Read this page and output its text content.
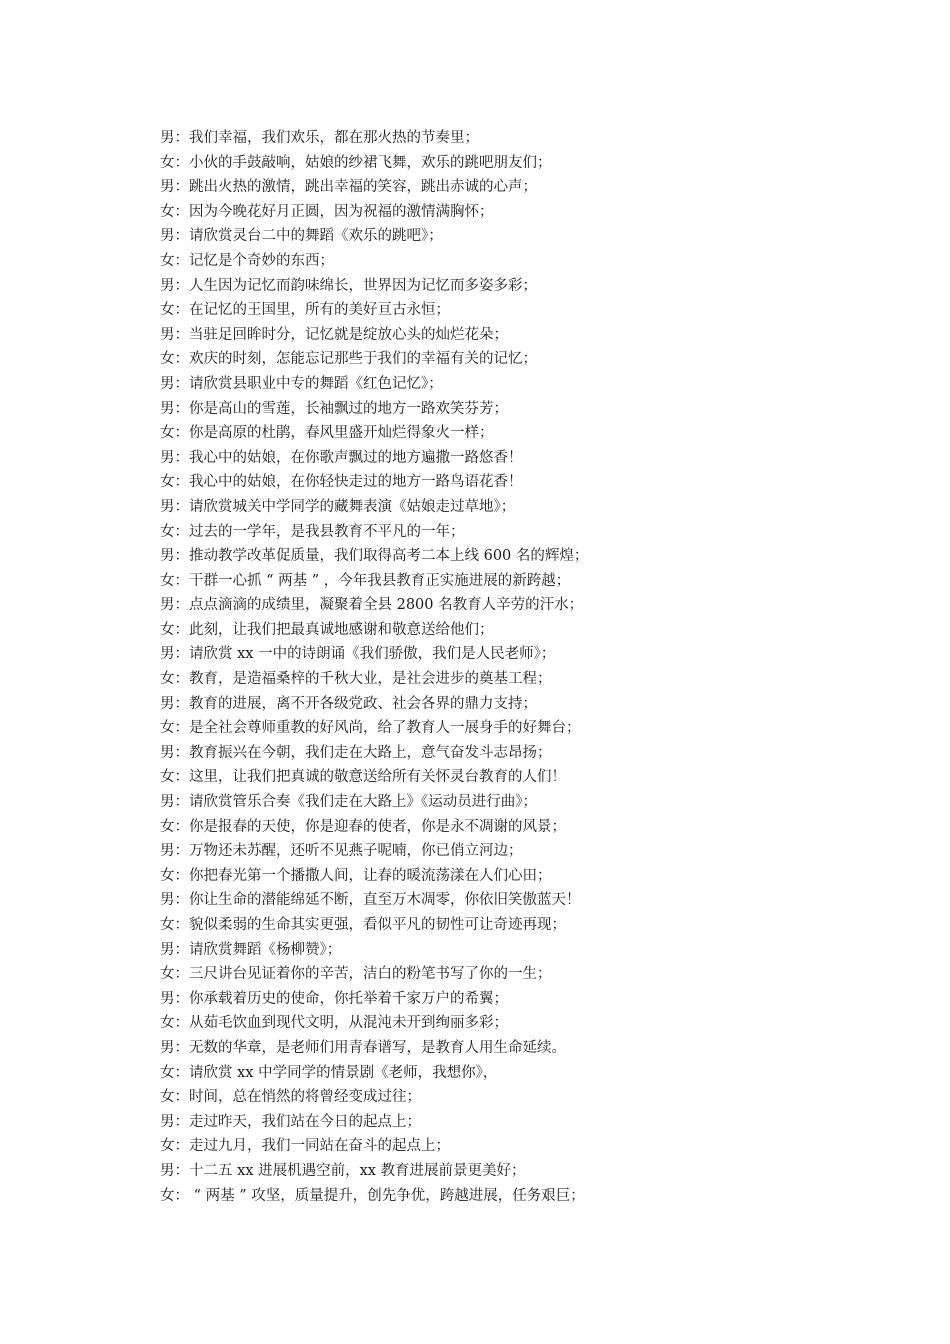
男：我们幸福，我们欢乐，都在那火热的节奏里；
女：小伙的手鼓敲响，姑娘的纱裙飞舞，欢乐的跳吧朋友们；
男：跳出火热的激情，跳出幸福的笑容，跳出赤诚的心声；
女：因为今晚花好月正圆，因为祝福的激情满胸怀；
男：请欣赏灵台二中的舞蹈《欢乐的跳吧》；
女：记忆是个奇妙的东西；
男：人生因为记忆而韵味绵长，世界因为记忆而多姿多彩；
女：在记忆的王国里，所有的美好亘古永恒；
男：当驻足回眸时分，记忆就是绽放心头的灿烂花朵；
女：欢庆的时刻，怎能忘记那些于我们的幸福有关的记忆；
男：请欣赏县职业中专的舞蹈《红色记忆》；
男：你是高山的雪莲，长袖飘过的地方一路欢笑芬芳；
女：你是高原的杜鹃，春风里盛开灿烂得象火一样；
男：我心中的姑娘，在你歌声飘过的地方遍撒一路悠香！
女：我心中的姑娘，在你轻快走过的地方一路鸟语花香！
男：请欣赏城关中学同学的藏舞表演《姑娘走过草地》；
女：过去的一学年，是我县教育不平凡的一年；
男：推动教学改革促质量，我们取得高考二本上线 600 名的辉煌；
女：干群一心抓 “ 两基 ” ，今年我县教育正实施进展的新跨越；
男：点点滴滴的成绩里，凝聚着全县 2800 名教育人辛劳的汗水；
女：此刻，让我们把最真诚地感谢和敬意送给他们；
男：请欣赏 xx 一中的诗朗诵《我们骄傲，我们是人民老师》；
女：教育，是造福桑梓的千秋大业，是社会进步的奠基工程；
男：教育的进展，离不开各级党政、社会各界的鼎力支持；
女：是全社会尊师重教的好风尚，给了教育人一展身手的好舞台；
男：教育振兴在今朝，我们走在大路上，意气奋发斗志昂扬；
女：这里，让我们把真诚的敬意送给所有关怀灵台教育的人们！
男：请欣赏管乐合奏《我们走在大路上》《运动员进行曲》；
女：你是报春的天使，你是迎春的使者，你是永不凋谢的风景；
男：万物还未苏醒，还听不见燕子呢喃，你已俏立河边；
女：你把春光第一个播撒人间，让春的暖流荡漾在人们心田；
男：你让生命的潜能绵延不断，直至万木凋零，你依旧笑傲蓝天！
女：貌似柔弱的生命其实更强，看似平凡的韧性可让奇迹再现；
男：请欣赏舞蹈《杨柳赞》；
女：三尺讲台见证着你的辛苦，洁白的粉笔书写了你的一生；
男：你承载着历史的使命，你托举着千家万户的希翼；
女：从茹毛饮血到现代文明，从混沌未开到绚丽多彩；
男：无数的华章，是老师们用青春谱写，是教育人用生命延续。
女：请欣赏 xx 中学同学的情景剧《老师，我想你》，
女：时间，总在悄然的将曾经变成过往；
男：走过昨天，我们站在今日的起点上；
女：走过九月，我们一同站在奋斗的起点上；
男：十二五 xx 进展机遇空前，xx 教育进展前景更美好；
女： “ 两基 ” 攻坚，质量提升，创先争优，跨越进展，任务艰巨；
